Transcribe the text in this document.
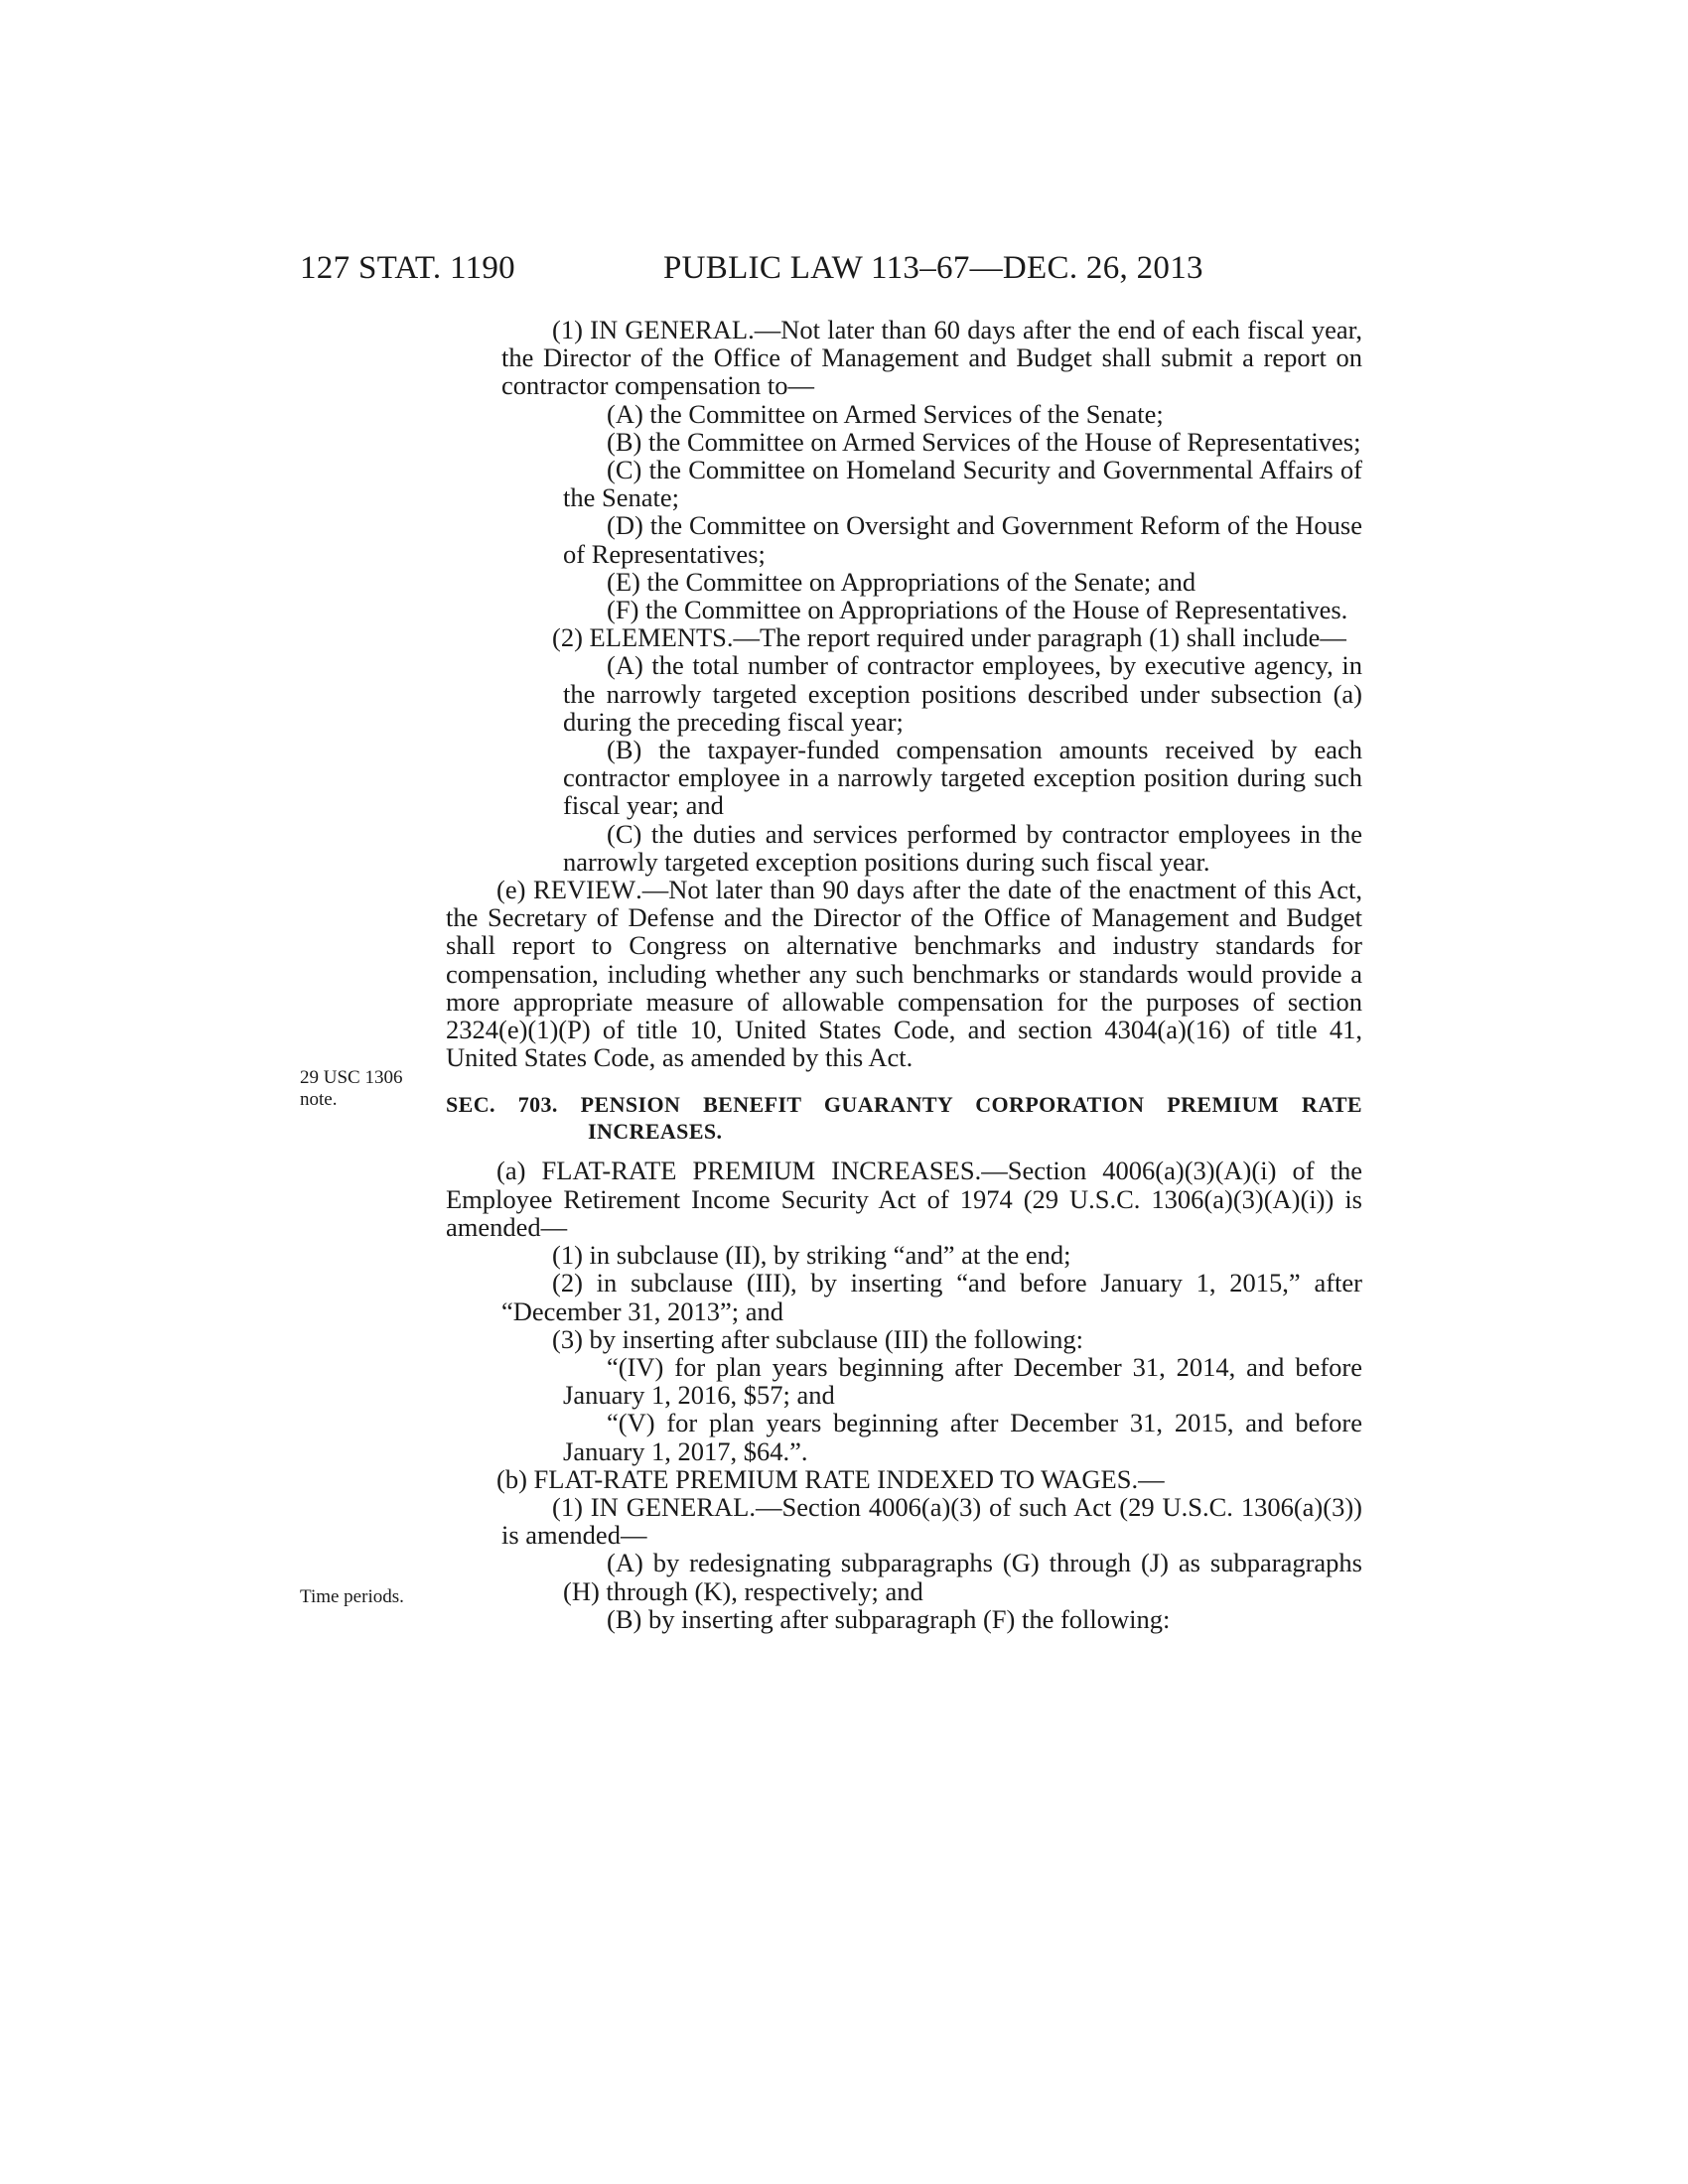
127 STAT. 1190	PUBLIC LAW 113–67—DEC. 26, 2013
29 USC 1306
note.
Time periods.

(1) IN GENERAL.—Not later than 60 days after the end of each fiscal year, the Director of the Office of Management and Budget shall submit a report on contractor compensation to—

(A) the Committee on Armed Services of the Senate;

(B) the Committee on Armed Services of the House of Representatives;

(C) the Committee on Homeland Security and Governmental Affairs of the Senate;

(D) the Committee on Oversight and Government Reform of the House of Representatives;

(E) the Committee on Appropriations of the Senate; and

(F) the Committee on Appropriations of the House of Representatives.

(2) ELEMENTS.—The report required under paragraph (1) shall include—

(A) the total number of contractor employees, by executive agency, in the narrowly targeted exception positions described under subsection (a) during the preceding fiscal year;

(B) the taxpayer-funded compensation amounts received by each contractor employee in a narrowly targeted exception position during such fiscal year; and

(C) the duties and services performed by contractor employees in the narrowly targeted exception positions during such fiscal year.

(e) REVIEW.—Not later than 90 days after the date of the enactment of this Act, the Secretary of Defense and the Director of the Office of Management and Budget shall report to Congress on alternative benchmarks and industry standards for compensation, including whether any such benchmarks or standards would provide a more appropriate measure of allowable compensation for the purposes of section 2324(e)(1)(P) of title 10, United States Code, and section 4304(a)(16) of title 41, United States Code, as amended by this Act.

SEC. 703. PENSION BENEFIT GUARANTY CORPORATION PREMIUM RATE INCREASES.

(a) FLAT-RATE PREMIUM INCREASES.—Section 4006(a)(3)(A)(i) of the Employee Retirement Income Security Act of 1974 (29 U.S.C. 1306(a)(3)(A)(i)) is amended—

(1) in subclause (II), by striking “and” at the end;

(2) in subclause (III), by inserting “and before January 1, 2015,” after “December 31, 2013”; and

(3) by inserting after subclause (III) the following:

“(IV) for plan years beginning after December 31, 2014, and before January 1, 2016, $57; and

“(V) for plan years beginning after December 31, 2015, and before January 1, 2017, $64.”.

(b) FLAT-RATE PREMIUM RATE INDEXED TO WAGES.—

(1) IN GENERAL.—Section 4006(a)(3) of such Act (29 U.S.C. 1306(a)(3)) is amended—

(A) by redesignating subparagraphs (G) through (J) as subparagraphs (H) through (K), respectively; and

(B) by inserting after subparagraph (F) the following:
